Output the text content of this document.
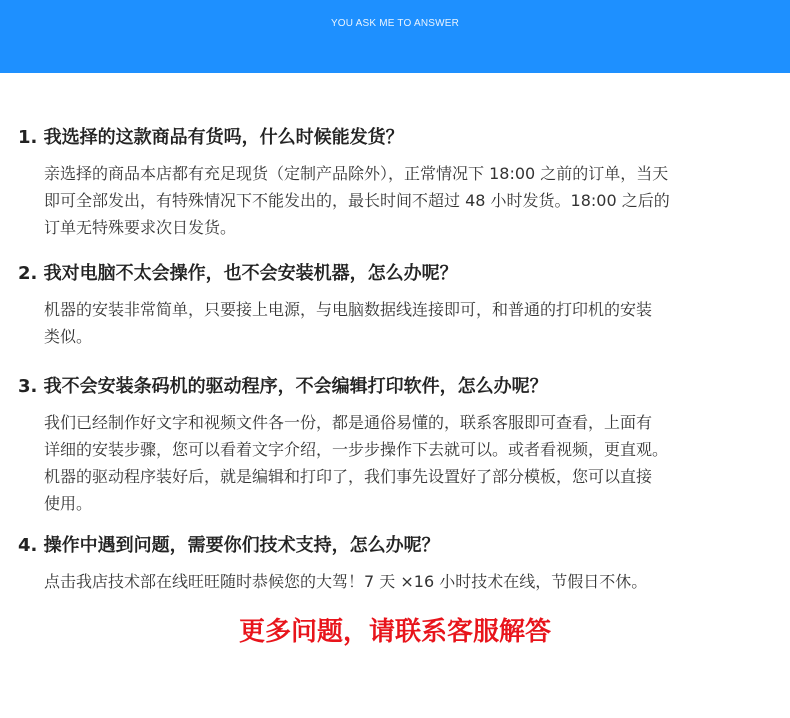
YOU ASK ME TO ANSWER
1. 我选择的这款商品有货吗，什么时候能发货？
亲选择的商品本店都有充足现货（定制产品除外），正常情况下 18:00 之前的订单，当天
即可全部发出，有特殊情况下不能发出的，最长时间不超过 48 小时发货。18:00 之后的
订单无特殊要求次日发货。
2. 我对电脑不太会操作，也不会安装机器，怎么办呢？
机器的安装非常简单，只要接上电源，与电脑数据线连接即可，和普通的打印机的安装
类似。
3. 我不会安装条码机的驱动程序，不会编辑打印软件，怎么办呢？
我们已经制作好文字和视频文件各一份，都是通俗易懂的，联系客服即可查看，上面有
详细的安装步骤，您可以看着文字介绍，一步步操作下去就可以。或者看视频，更直观。
机器的驱动程序装好后，就是编辑和打印了，我们事先设置好了部分模板，您可以直接
使用。
4. 操作中遇到问题，需要你们技术支持，怎么办呢？
点击我店技术部在线旺旺随时恭候您的大驾！7 天 ×16 小时技术在线，节假日不休。
更多问题，请联系客服解答
